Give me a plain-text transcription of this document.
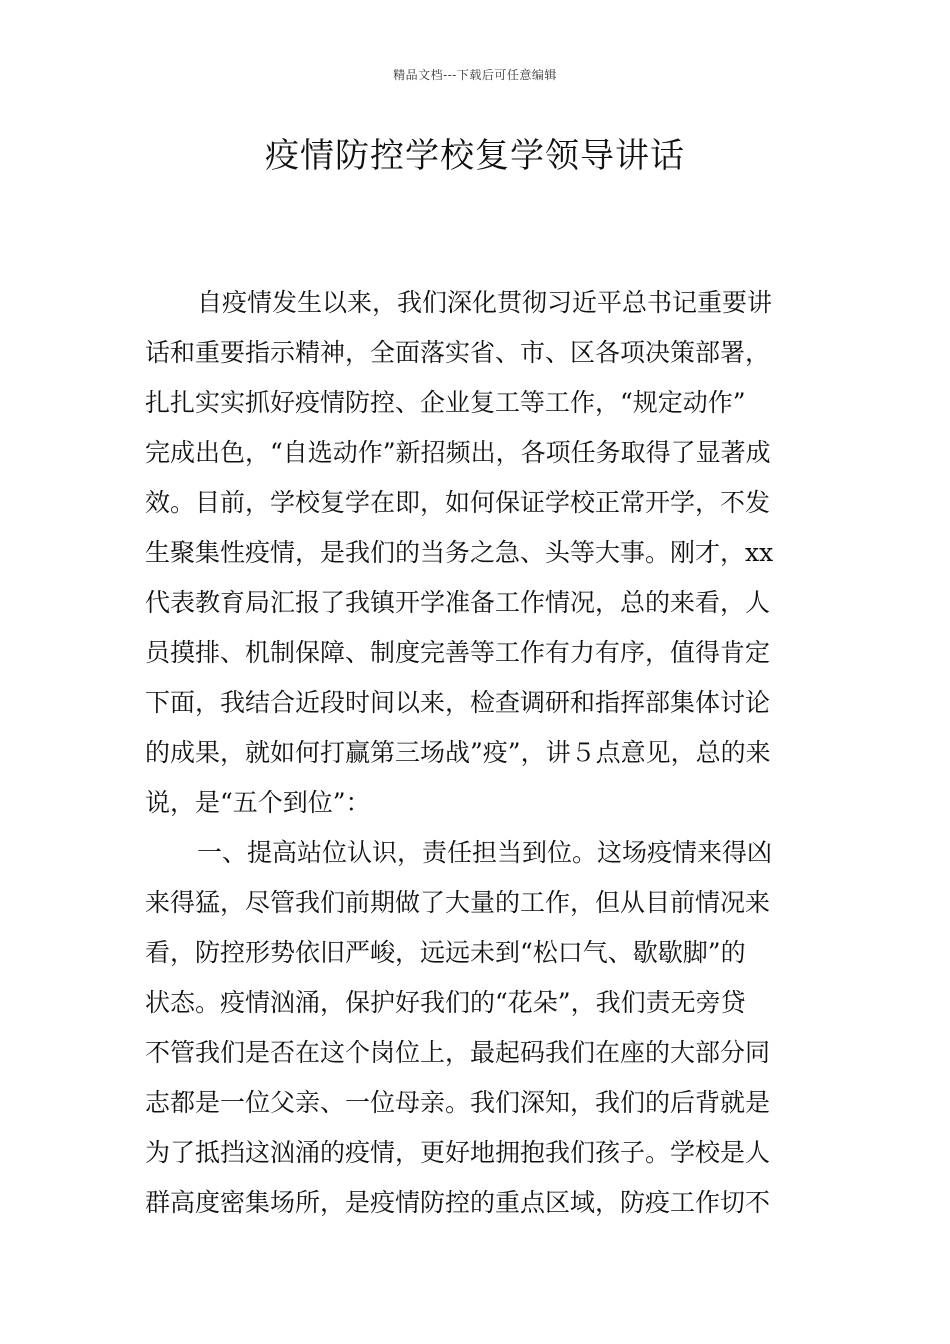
精品文档---下载后可任意编辑
疫情防控学校复学领导讲话
自疫情发生以来，我们深化贯彻习近平总书记重要讲
话和重要指示精神，全面落实省、市、区各项决策部署，
扎扎实实抓好疫情防控、企业复工等工作，“规定动作”
完成出色，“自选动作”新招频出，各项任务取得了显著成
效。目前，学校复学在即，如何保证学校正常开学，不发
生聚集性疫情，是我们的当务之急、头等大事。刚才，xx
代表教育局汇报了我镇开学准备工作情况，总的来看，人
员摸排、机制保障、制度完善等工作有力有序，值得肯定
下面，我结合近段时间以来，检查调研和指挥部集体讨论
的成果，就如何打赢第三场战”疫”，讲５点意见，总的来
说，是“五个到位”：
一、提高站位认识，责任担当到位。这场疫情来得凶
来得猛，尽管我们前期做了大量的工作，但从目前情况来
看，防控形势依旧严峻，远远未到“松口气、歇歇脚”的
状态。疫情汹涌，保护好我们的“花朵”，我们责无旁贷
不管我们是否在这个岗位上，最起码我们在座的大部分同
志都是一位父亲、一位母亲。我们深知，我们的后背就是
为了抵挡这汹涌的疫情，更好地拥抱我们孩子。学校是人
群高度密集场所，是疫情防控的重点区域，防疫工作切不
